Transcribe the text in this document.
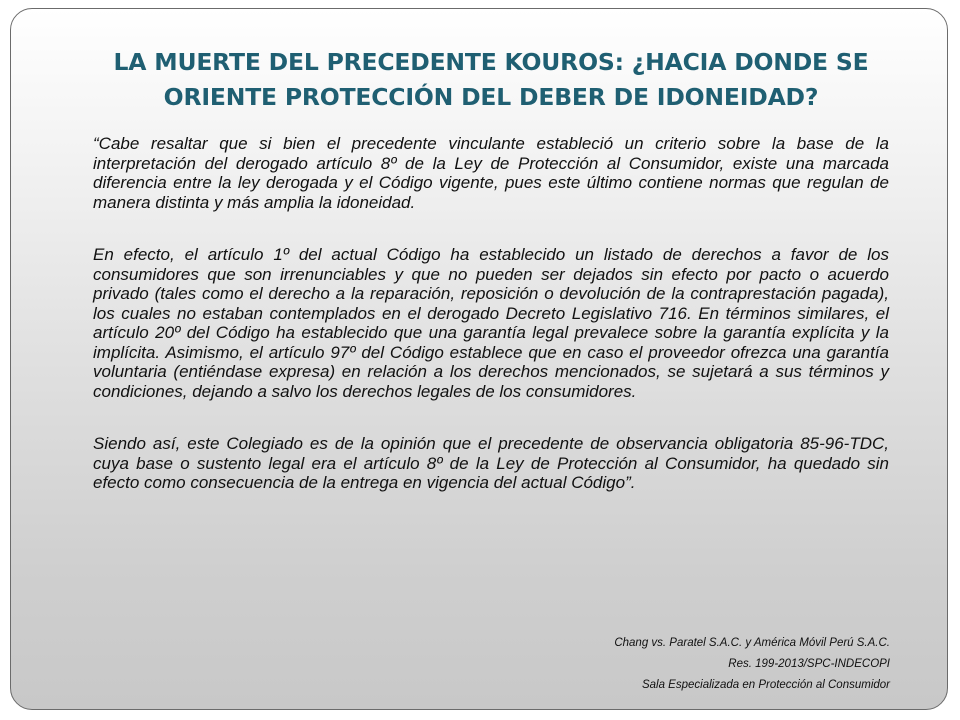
LA MUERTE DEL PRECEDENTE KOUROS: ¿HACIA DONDE SE ORIENTE PROTECCIÓN DEL DEBER DE IDONEIDAD?

“Cabe resaltar que si bien el precedente vinculante estableció un criterio sobre la base de la interpretación del derogado artículo 8º de la Ley de Protección al Consumidor, existe una marcada diferencia entre la ley derogada y el Código vigente, pues este último contiene normas que regulan de manera distinta y más amplia la idoneidad.

En efecto, el artículo 1º del actual Código ha establecido un listado de derechos a favor de los consumidores que son irrenunciables y que no pueden ser dejados sin efecto por pacto o acuerdo privado (tales como el derecho a la reparación, reposición o devolución de la contraprestación pagada), los cuales no estaban contemplados en el derogado Decreto Legislativo 716. En términos similares, el artículo 20º del Código ha establecido que una garantía legal prevalece sobre la garantía explícita y la implícita. Asimismo, el artículo 97º del Código establece que en caso el proveedor ofrezca una garantía voluntaria (entiéndase expresa) en relación a los derechos mencionados, se sujetará a sus términos y condiciones, dejando a salvo los derechos legales de los consumidores.

Siendo así, este Colegiado es de la opinión que el precedente de observancia obligatoria 85-96-TDC, cuya base o sustento legal era el artículo 8º de la Ley de Protección al Consumidor, ha quedado sin efecto como consecuencia de la entrega en vigencia del actual Código”.

Chang vs. Paratel S.A.C. y América Móvil Perú S.A.C.
Res. 199-2013/SPC-INDECOPI
Sala Especializada en Protección al Consumidor
